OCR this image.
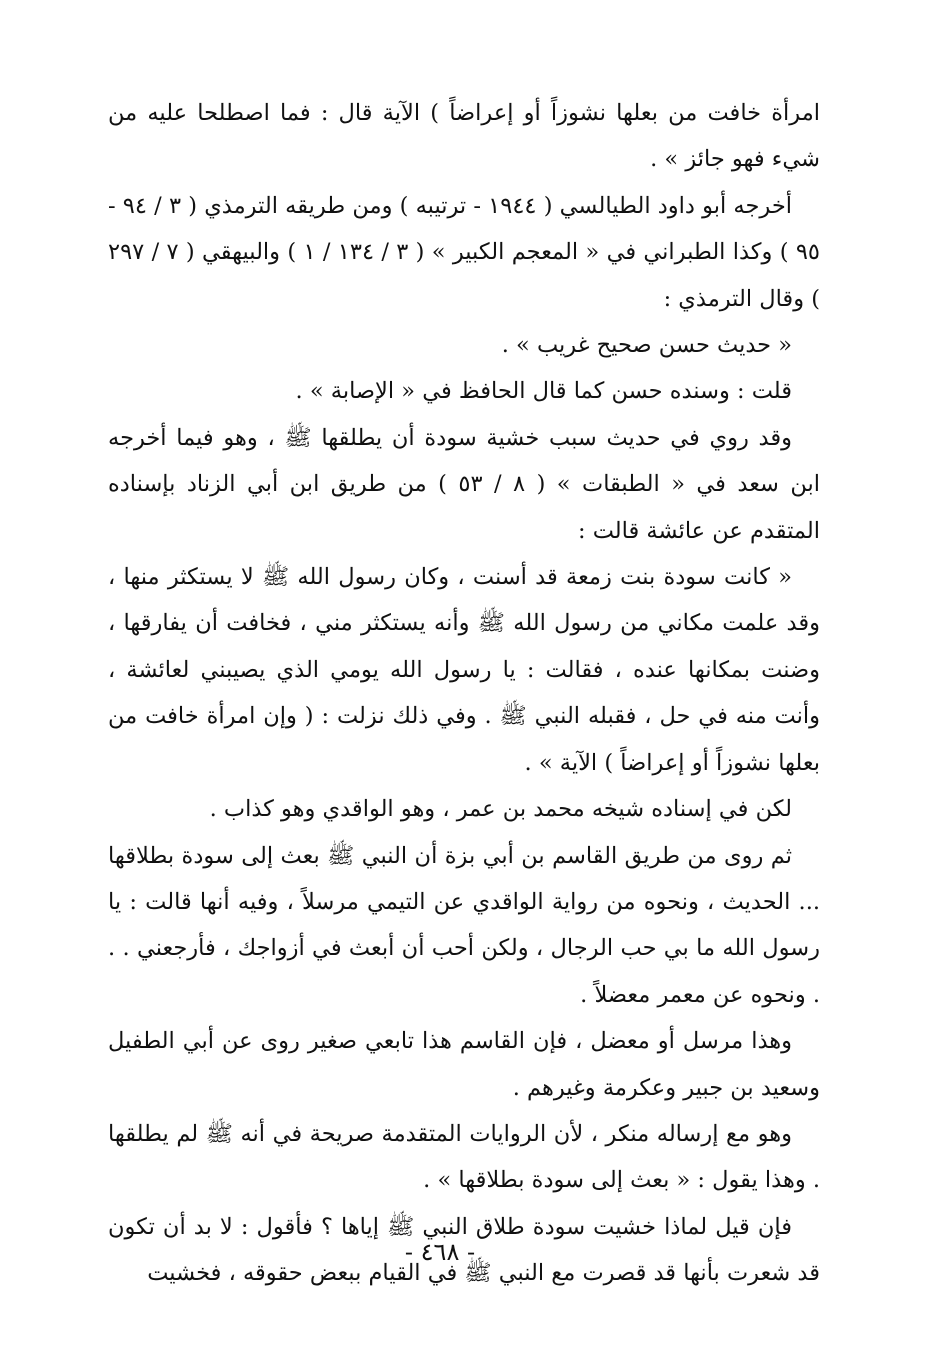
امرأة خافت من بعلها نشوزاً أو إعراضاً ) الآية قال : فما اصطلحا عليه من شيء فهو جائز » .

أخرجه أبو داود الطيالسي ( ١٩٤٤ - ترتيبه ) ومن طريقه الترمذي ( ٣ / ٩٤ - ٩٥ ) وكذا الطبراني في « المعجم الكبير » ( ٣ / ١٣٤ / ١ ) والبيهقي ( ٧ / ٢٩٧ ) وقال الترمذي :

« حديث حسن صحيح غريب » .

قلت : وسنده حسن كما قال الحافظ في « الإصابة » .

وقد روي في حديث سبب خشية سودة أن يطلقها ﷺ ، وهو فيما أخرجه ابن سعد في « الطبقات » ( ٨ / ٥٣ ) من طريق ابن أبي الزناد بإسناده المتقدم عن عائشة قالت :

« كانت سودة بنت زمعة قد أسنت ، وكان رسول الله ﷺ لا يستكثر منها ، وقد علمت مكاني من رسول الله ﷺ وأنه يستكثر مني ، فخافت أن يفارقها ، وضنت بمكانها عنده ، فقالت : يا رسول الله يومي الذي يصيبني لعائشة ، وأنت منه في حل ، فقبله النبي ﷺ . وفي ذلك نزلت : ( وإن امرأة خافت من بعلها نشوزاً أو إعراضاً ) الآية » .

لكن في إسناده شيخه محمد بن عمر ، وهو الواقدي وهو كذاب .

ثم روى من طريق القاسم بن أبي بزة أن النبي ﷺ بعث إلى سودة بطلاقها ... الحديث ، ونحوه من رواية الواقدي عن التيمي مرسلاً ، وفيه أنها قالت : يا رسول الله ما بي حب الرجال ، ولكن أحب أن أبعث في أزواجك ، فأرجعني . . . ونحوه عن معمر معضلاً .

وهذا مرسل أو معضل ، فإن القاسم هذا تابعي صغير روى عن أبي الطفيل وسعيد بن جبير وعكرمة وغيرهم .

وهو مع إرساله منكر ، لأن الروايات المتقدمة صريحة في أنه ﷺ لم يطلقها . وهذا يقول : « بعث إلى سودة بطلاقها » .

فإن قيل لماذا خشيت سودة طلاق النبي ﷺ إياها ؟ فأقول : لا بد أن تكون قد شعرت بأنها قد قصرت مع النبي ﷺ في القيام ببعض حقوقه ، فخشيت

- ٤٦٨ -
